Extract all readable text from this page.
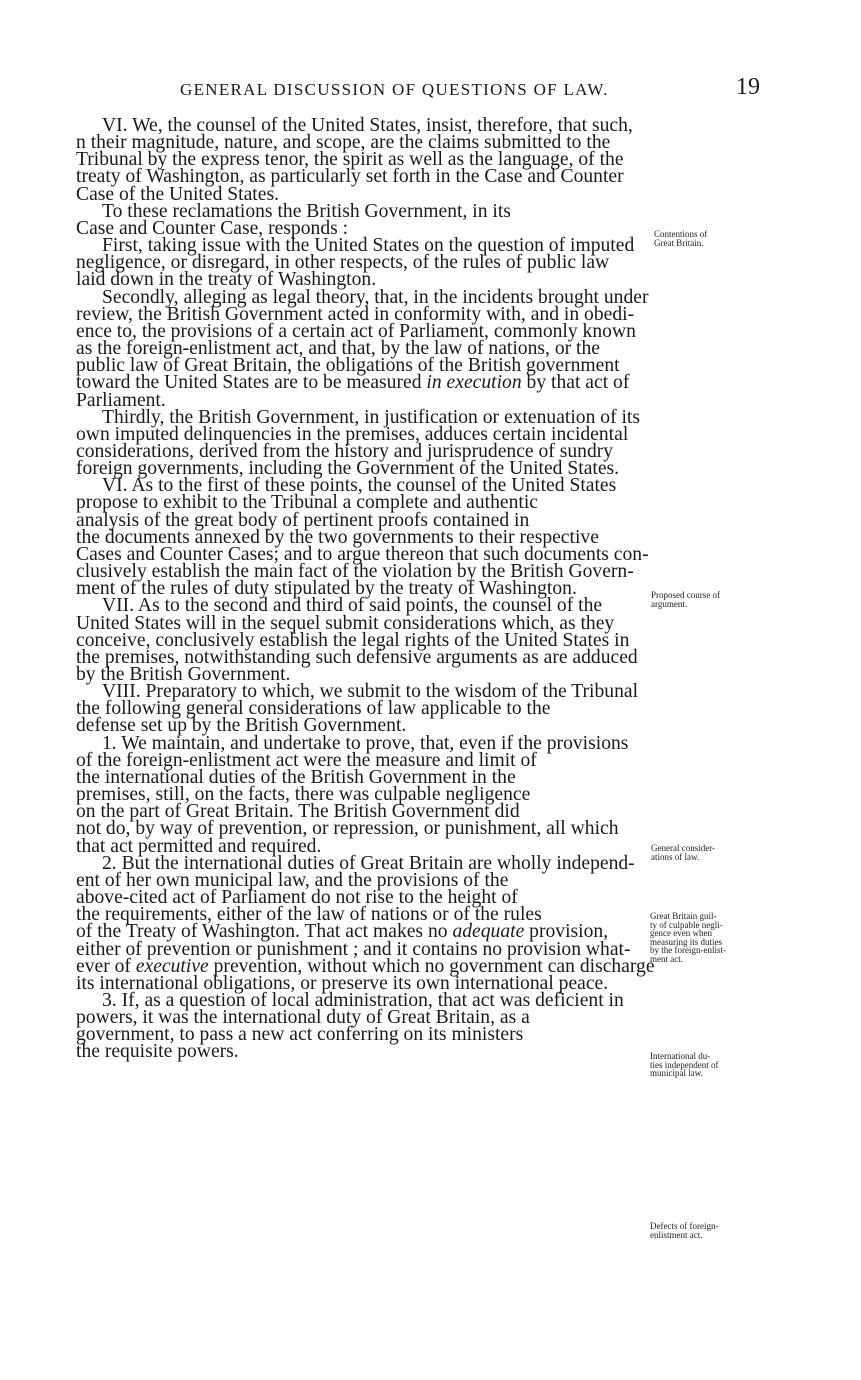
GENERAL DISCUSSION OF QUESTIONS OF LAW.	19

VI. We, the counsel of the United States, insist, therefore, that such,

n their magnitude, nature, and scope, are the claims submitted to the

Tribunal by the express tenor, the spirit as well as the language, of the

treaty of Washington, as particularly set forth in the Case and Counter

Case of the United States.

To these reclamations the British Government, in its

Case and Counter Case, responds :

First, taking issue with the United States on the question of imputed

negligence, or disregard, in other respects, of the rules of public law

laid down in the treaty of Washington.

Secondly, alleging as legal theory, that, in the incidents brought under

review, the British Government acted in conformity with, and in obedi-

ence to, the provisions of a certain act of Parliament, commonly known

as the foreign-enlistment act, and that, by the law of nations, or the

public law of Great Britain, the obligations of the British government

toward the United States are to be measured in execution by that act of

Parliament.

Thirdly, the British Government, in justification or extenuation of its

own imputed delinquencies in the premises, adduces certain incidental

considerations, derived from the history and jurisprudence of sundry

foreign governments, including the Government of the United States.

VI. As to the first of these points, the counsel of the United States

propose to exhibit to the Tribunal a complete and authentic

analysis of the great body of pertinent proofs contained in

the documents annexed by the two governments to their respective

Cases and Counter Cases; and to argue thereon that such documents con-

clusively establish the main fact of the violation by the British Govern-

ment of the rules of duty stipulated by the treaty of Washington.

VII. As to the second and third of said points, the counsel of the

United States will in the sequel submit considerations which, as they

conceive, conclusively establish the legal rights of the United States in

the premises, notwithstanding such defensive arguments as are adduced

by the British Government.

VIII. Preparatory to which, we submit to the wisdom of the Tribunal

the following general considerations of law applicable to the

defense set up by the British Government.

1. We maintain, and undertake to prove, that, even if the provisions

of the foreign-enlistment act were the measure and limit of

the international duties of the British Government in the

premises, still, on the facts, there was culpable negligence

on the part of Great Britain. The British Government did

not do, by way of prevention, or repression, or punishment, all which

that act permitted and required.

2. But the international duties of Great Britain are wholly independ-

ent of her own municipal law, and the provisions of the

above-cited act of Parliament do not rise to the height of

the requirements, either of the law of nations or of the rules

of the Treaty of Washington. That act makes no adequate provision,

either of prevention or punishment ; and it contains no provision what-

ever of executive prevention, without which no government can discharge

its international obligations, or preserve its own international peace.

3. If, as a question of local administration, that act was deficient in

powers, it was the international duty of Great Britain, as a

government, to pass a new act conferring on its ministers

the requisite powers.

Contentions of
Great Britain.
Proposed course of
argument.
General consider-
ations of law.
Great Britain guil-
ty of culpable negli-
gence even when
measuring its duties
by the foreign-enlist-
ment act.
International du-
ties independent of
municipal law.
Defects of foreign-
enlistment act.
